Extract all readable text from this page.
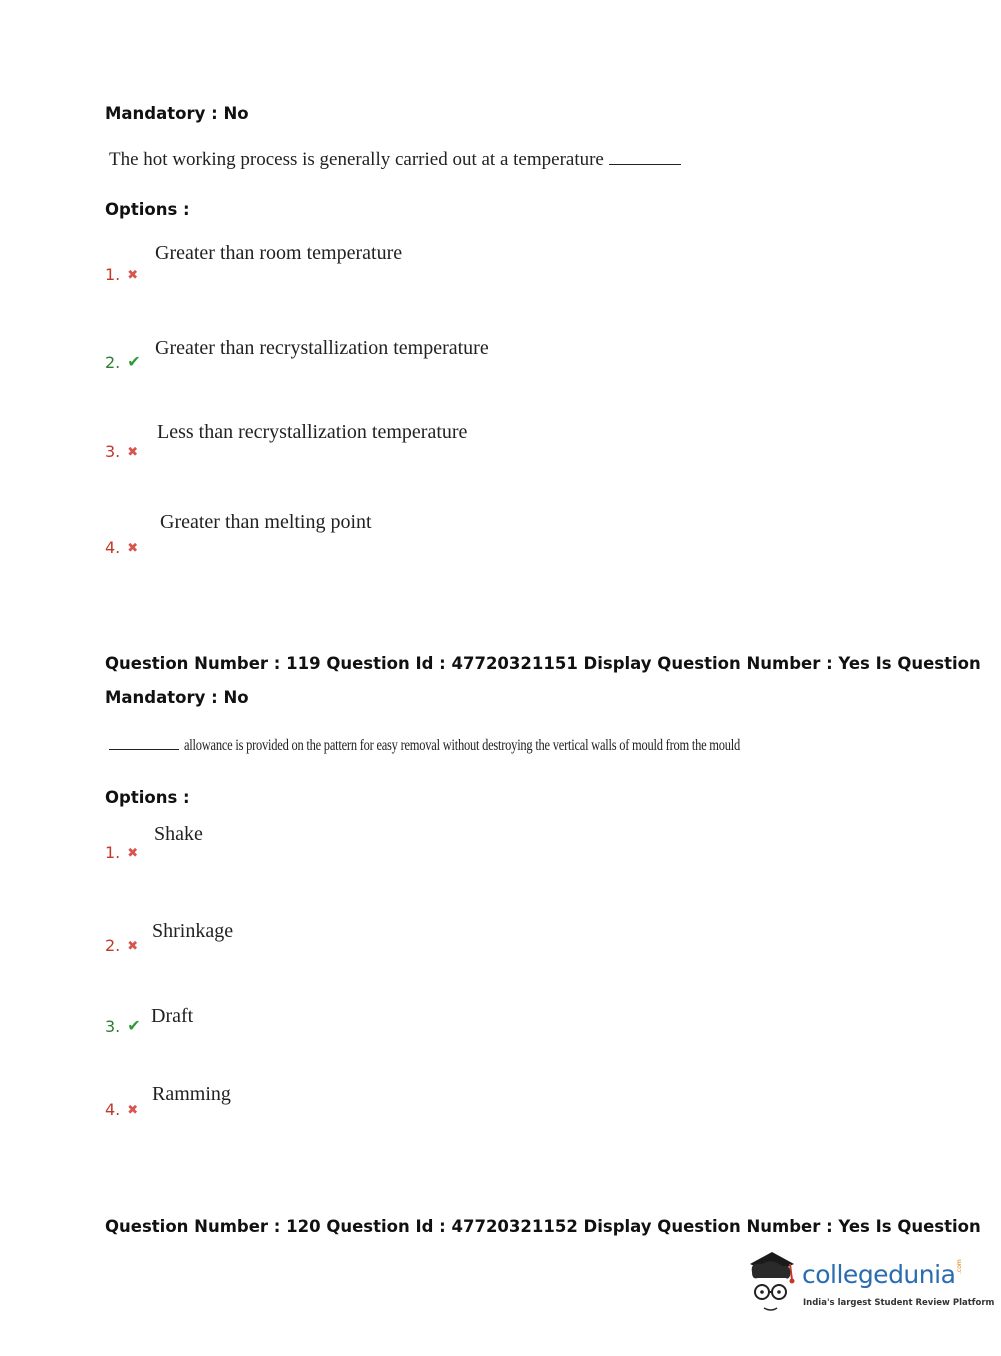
Mandatory : No
The hot working process is generally carried out at a temperature
Options :
1. ✖
Greater than room temperature
2. ✔
Greater than recrystallization temperature
3. ✖
Less than recrystallization temperature
4. ✖
Greater than melting point
Question Number : 119 Question Id : 47720321151 Display Question Number : Yes Is Question
Mandatory : No
allowance is provided on the pattern for easy removal without destroying the vertical walls of mould from the mould
Options :
1. ✖
Shake
2. ✖
Shrinkage
3. ✔ Draft
4. ✖
Ramming
Question Number : 120 Question Id : 47720321152 Display Question Number : Yes Is Question
collegedunia .com
India's largest Student Review Platform
